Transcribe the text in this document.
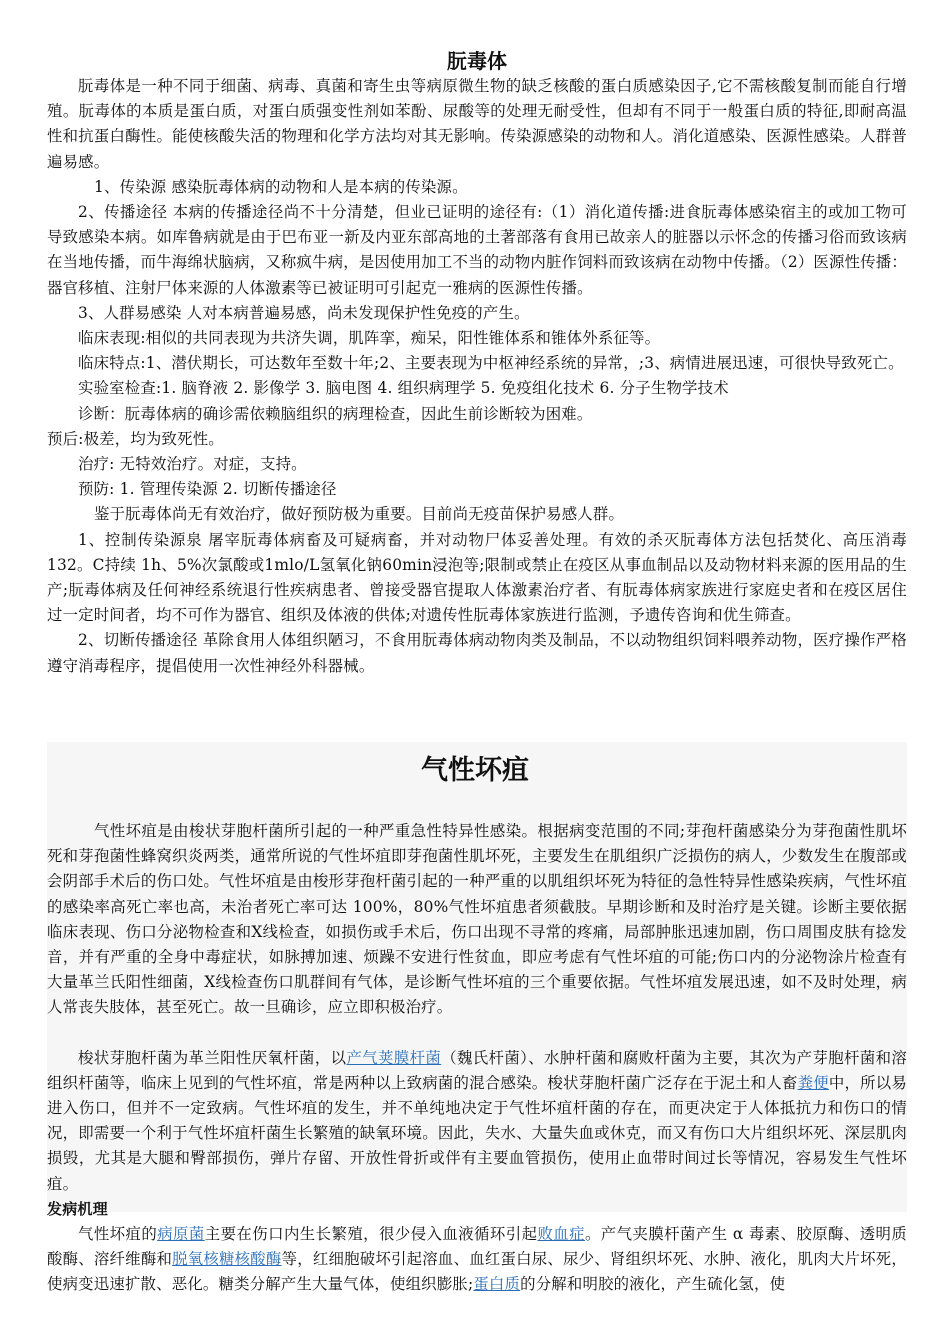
朊毒体

朊毒体是一种不同于细菌、病毒、真菌和寄生虫等病原微生物的缺乏核酸的蛋白质感染因子,它不需核酸复制而能自行增殖。朊毒体的本质是蛋白质，对蛋白质强变性剂如苯酚、尿酸等的处理无耐受性，但却有不同于一般蛋白质的特征,即耐高温性和抗蛋白酶性。能使核酸失活的物理和化学方法均对其无影响。传染源感染的动物和人。消化道感染、医源性感染。人群普遍易感。

1、传染源 感染朊毒体病的动物和人是本病的传染源。

2、传播途径 本病的传播途径尚不十分清楚，但业已证明的途径有:（1）消化道传播:进食朊毒体感染宿主的或加工物可导致感染本病。如库鲁病就是由于巴布亚一新及内亚东部高地的土著部落有食用已故亲人的脏器以示怀念的传播习俗而致该病在当地传播，而牛海绵状脑病，又称疯牛病，是因使用加工不当的动物内脏作饲料而致该病在动物中传播。（2）医源性传播：器官移植、注射尸体来源的人体激素等已被证明可引起克一雅病的医源性传播。

3、人群易感染 人对本病普遍易感，尚未发现保护性免疫的产生。

临床表现:相似的共同表现为共济失调，肌阵挛，痴呆，阳性锥体系和锥体外系征等。

临床特点:1、潜伏期长，可达数年至数十年;2、主要表现为中枢神经系统的异常，;3、病情进展迅速，可很快导致死亡。

实验室检查:1. 脑脊液 2. 影像学 3. 脑电图 4. 组织病理学 5. 免疫组化技术 6. 分子生物学技术

诊断：朊毒体病的确诊需依赖脑组织的病理检查，因此生前诊断较为困难。

预后:极差，均为致死性。

治疗: 无特效治疗。对症，支持。

预防: 1. 管理传染源 2. 切断传播途径

鉴于朊毒体尚无有效治疗，做好预防极为重要。目前尚无疫苗保护易感人群。

1、控制传染源泉 屠宰朊毒体病畜及可疑病畜，并对动物尸体妥善处理。有效的杀灭朊毒体方法包括焚化、高压消毒132。C持续 1h、5%次氯酸或1mlo/L氢氧化钠60min浸泡等;限制或禁止在疫区从事血制品以及动物材料来源的医用品的生产;朊毒体病及任何神经系统退行性疾病患者、曾接受器官提取人体激素治疗者、有朊毒体病家族进行家庭史者和在疫区居住过一定时间者，均不可作为器官、组织及体液的供体;对遗传性朊毒体家族进行监测，予遗传咨询和优生筛查。

2、切断传播途径 革除食用人体组织陋习，不食用朊毒体病动物肉类及制品，不以动物组织饲料喂养动物，医疗操作严格遵守消毒程序，提倡使用一次性神经外科器械。

气性坏疽

气性坏疽是由梭状芽胞杆菌所引起的一种严重急性特异性感染。根据病变范围的不同;芽孢杆菌感染分为芽孢菌性肌坏死和芽孢菌性蜂窝织炎两类，通常所说的气性坏疽即芽孢菌性肌坏死，主要发生在肌组织广泛损伤的病人，少数发生在腹部或会阴部手术后的伤口处。气性坏疽是由梭形芽孢杆菌引起的一种严重的以肌组织坏死为特征的急性特异性感染疾病，气性坏疽的感染率高死亡率也高，未治者死亡率可达 100%，80%气性坏疽患者须截肢。早期诊断和及时治疗是关键。诊断主要依据临床表现、伤口分泌物检查和X线检查，如损伤或手术后，伤口出现不寻常的疼痛，局部肿胀迅速加剧，伤口周围皮肤有捻发音，并有严重的全身中毒症状，如脉搏加速、烦躁不安进行性贫血，即应考虑有气性坏疽的可能;伤口内的分泌物涂片检查有大量革兰氏阳性细菌，X线检查伤口肌群间有气体，是诊断气性坏疽的三个重要依据。气性坏疽发展迅速，如不及时处理，病人常丧失肢体，甚至死亡。故一旦确诊，应立即积极治疗。

梭状芽胞杆菌为革兰阳性厌氧杆菌，以产气荚膜杆菌（魏氏杆菌）、水肿杆菌和腐败杆菌为主要，其次为产芽胞杆菌和溶组织杆菌等，临床上见到的气性坏疽，常是两种以上致病菌的混合感染。梭状芽胞杆菌广泛存在于泥土和人畜粪便中，所以易进入伤口，但并不一定致病。气性坏疽的发生，并不单纯地决定于气性坏疽杆菌的存在，而更决定于人体抵抗力和伤口的情况，即需要一个利于气性坏疽杆菌生长繁殖的缺氧环境。因此，失水、大量失血或休克，而又有伤口大片组织坏死、深层肌肉损毁，尤其是大腿和臀部损伤，弹片存留、开放性骨折或伴有主要血管损伤，使用止血带时间过长等情况，容易发生气性坏疽。

发病机理

气性坏疽的病原菌主要在伤口内生长繁殖，很少侵入血液循环引起败血症。产气夹膜杆菌产生 α 毒素、胶原酶、透明质酸酶、溶纤维酶和脱氧核糖核酸酶等，红细胞破坏引起溶血、血红蛋白尿、尿少、肾组织坏死、水肿、液化，肌肉大片坏死，使病变迅速扩散、恶化。糖类分解产生大量气体，使组织膨胀;蛋白质的分解和明胶的液化，产生硫化氢，使
